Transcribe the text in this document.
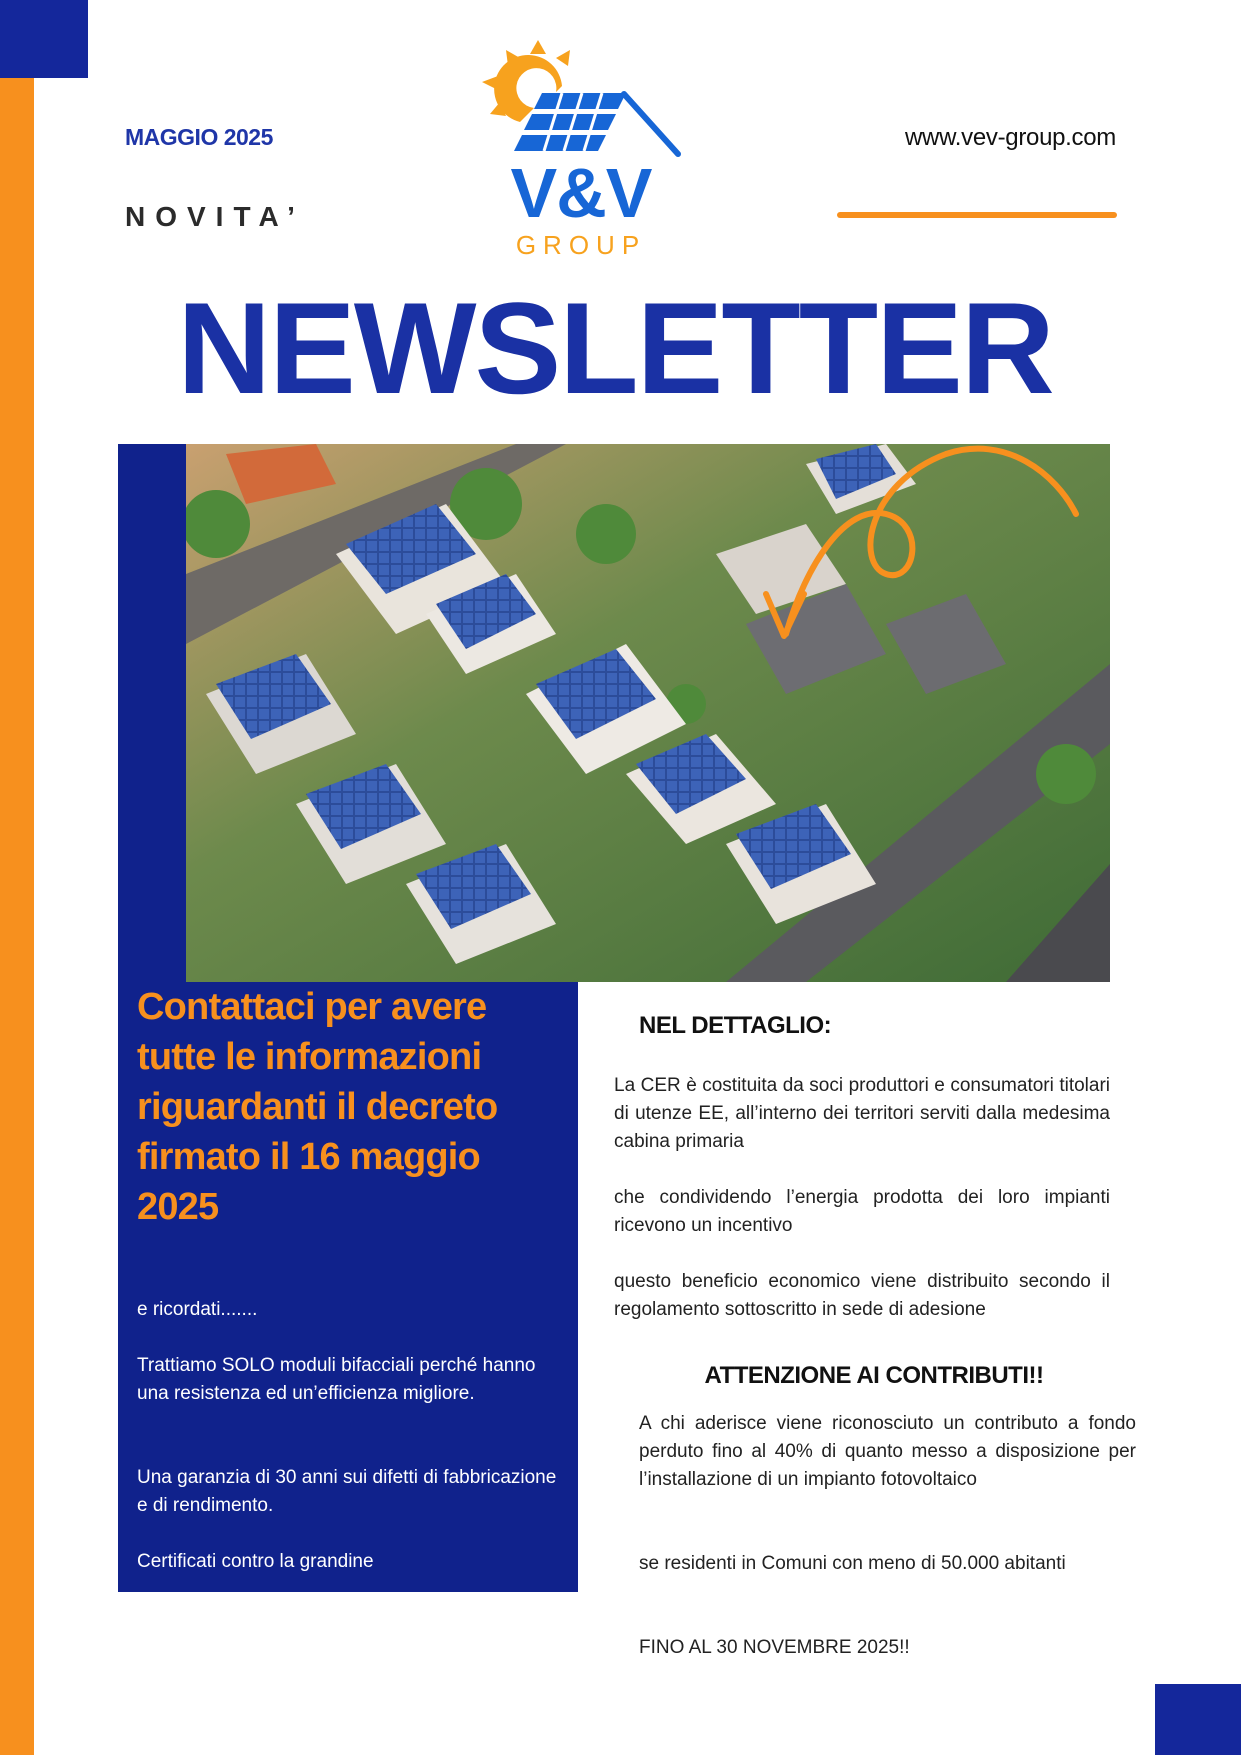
MAGGIO 2025
NOVITA’
www.vev-group.com
V&V
GROUP
NEWSLETTER
Contattaci per avere tutte le informazioni riguardanti il decreto firmato il 16 maggio 2025
e ricordati.......
Trattiamo SOLO moduli bifacciali perché hanno una resistenza ed un’efficienza migliore.
Una garanzia di 30 anni sui difetti di fabbricazione e di rendimento.
Certificati contro la grandine
NEL DETTAGLIO:
La CER è costituita da soci produttori e consumatori titolari di utenze EE, all’interno dei territori serviti dalla medesima cabina primaria
che condividendo l’energia prodotta dei loro impianti ricevono un incentivo
questo beneficio economico viene distribuito secondo il regolamento sottoscritto in sede di adesione
ATTENZIONE AI CONTRIBUTI!!
A chi aderisce viene riconosciuto un contributo a fondo perduto fino al 40% di quanto messo a disposizione per l’installazione di un impianto fotovoltaico
se residenti in Comuni con meno di 50.000 abitanti
FINO AL 30 NOVEMBRE 2025!!
